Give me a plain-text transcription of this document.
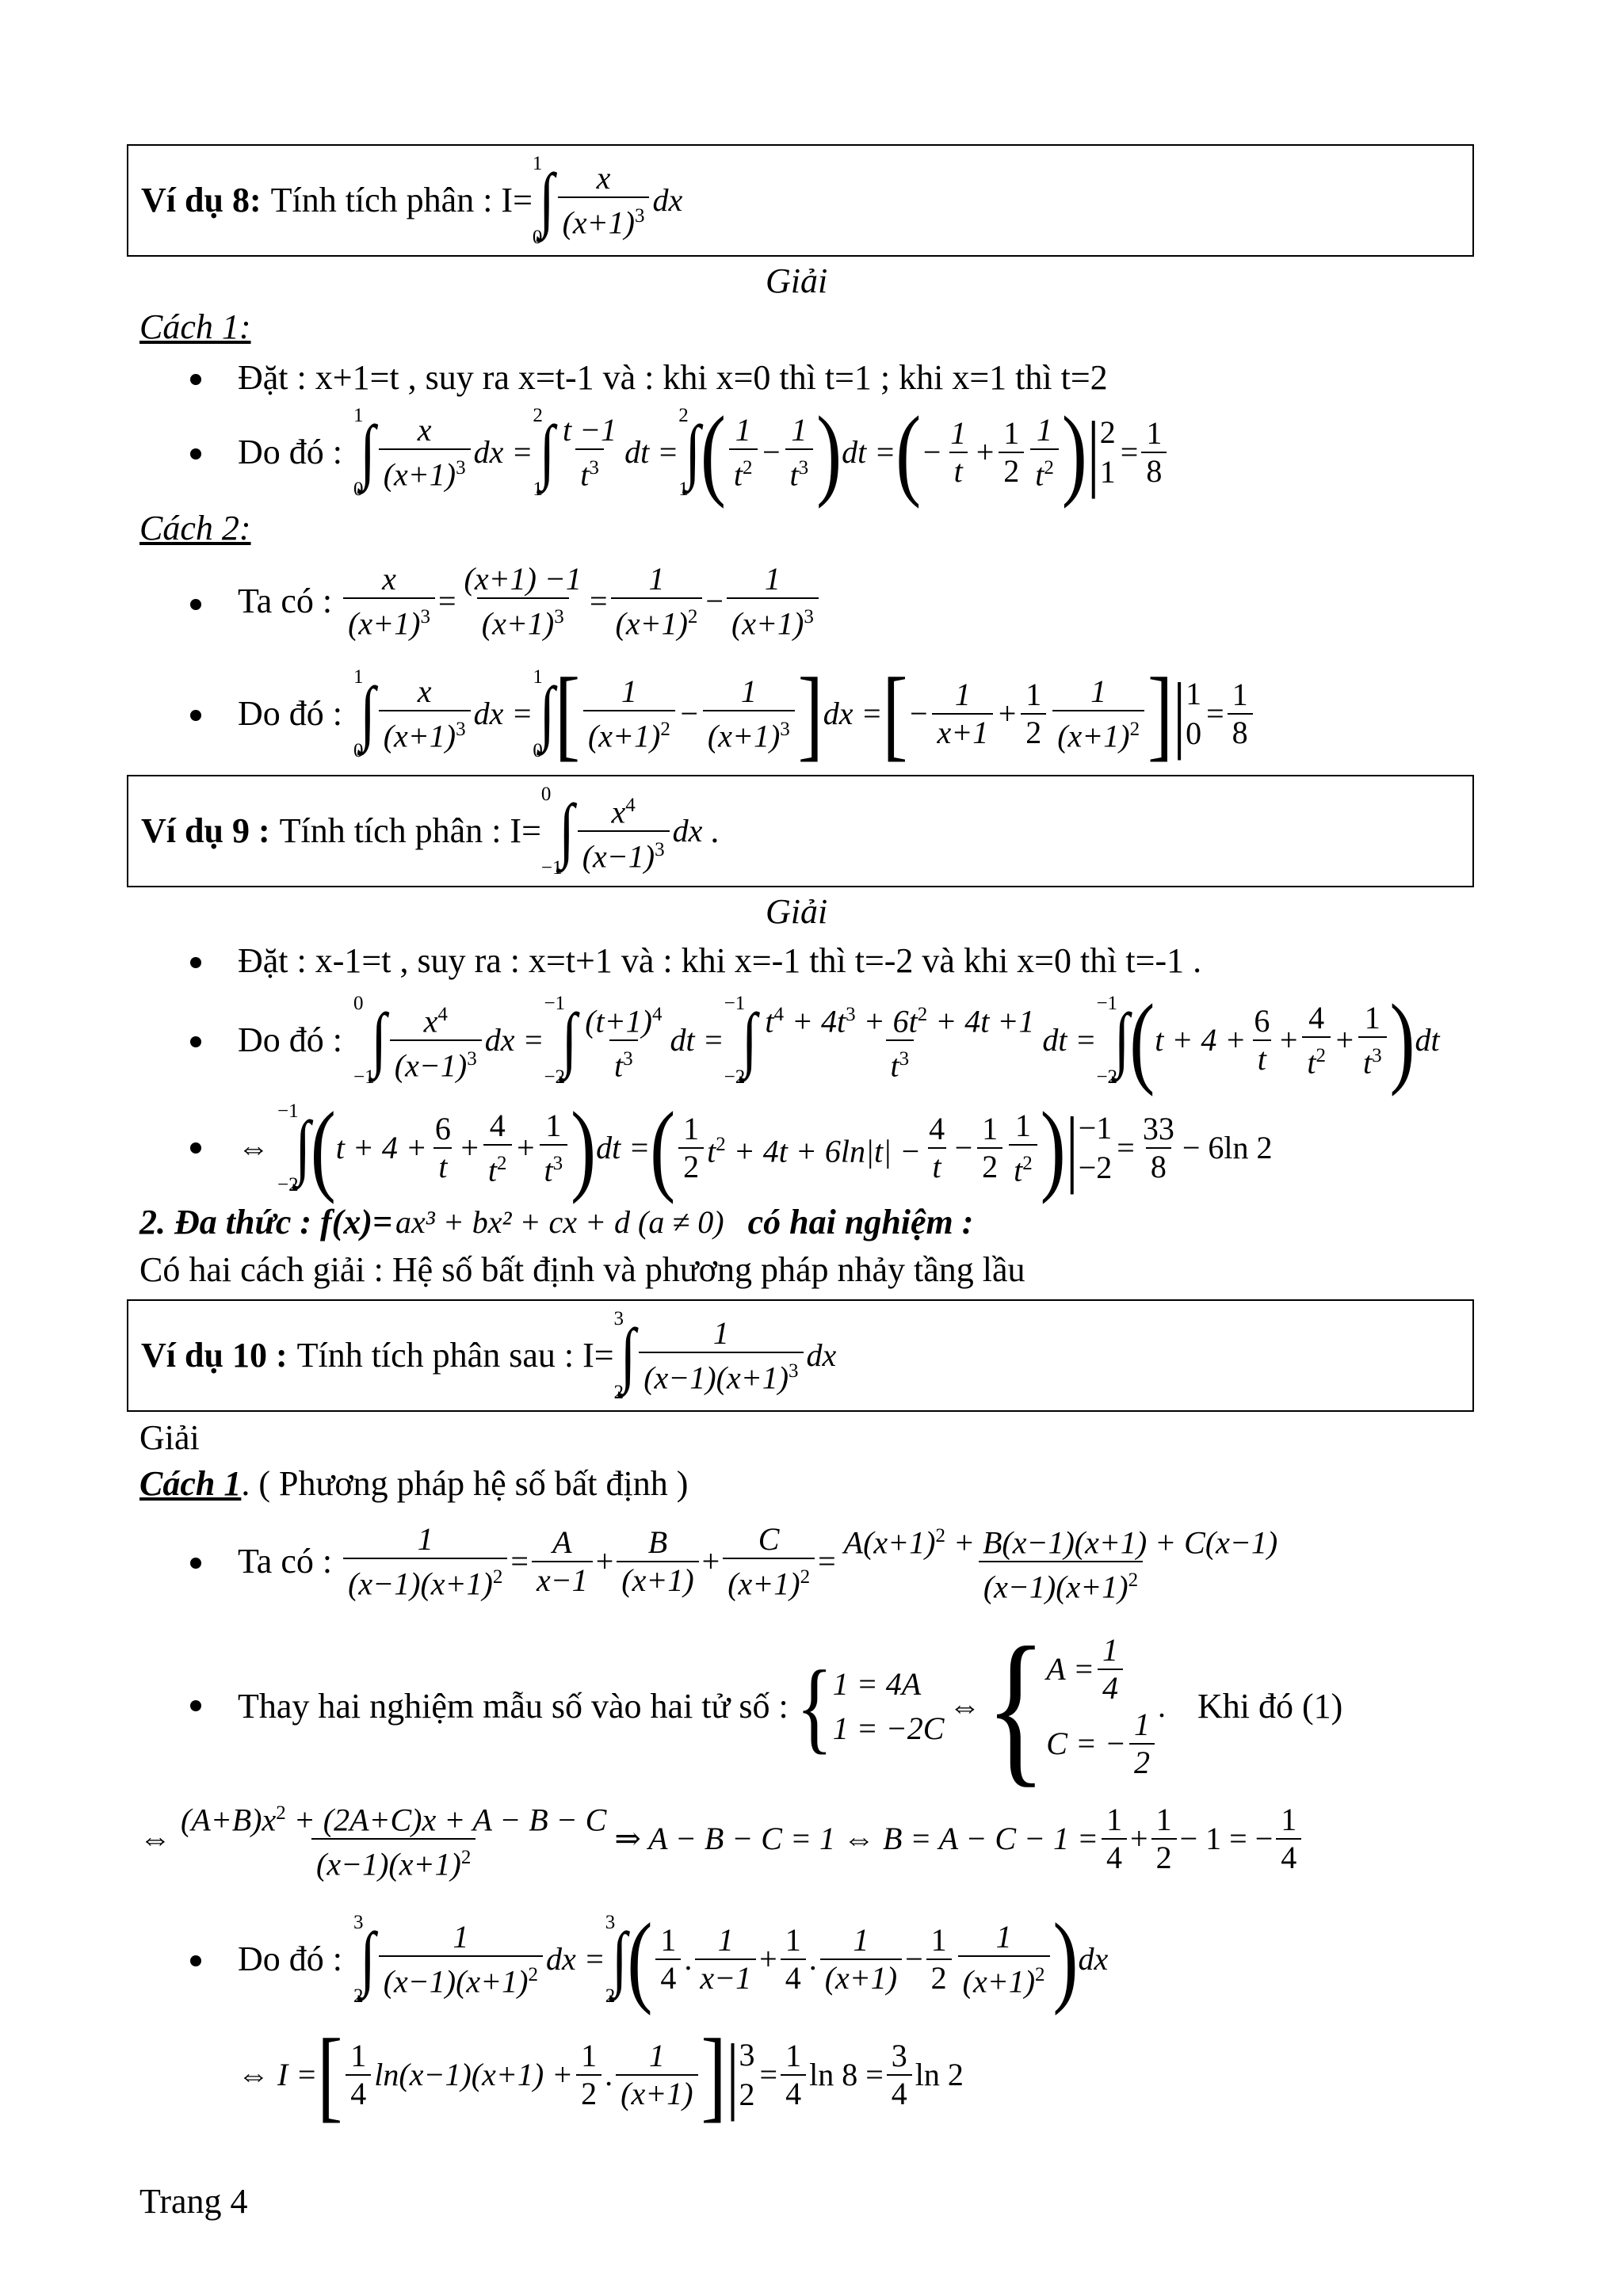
Ví dụ 8: Tính tích phân : I=
1
0
∫ $\frac{x}{(x+1)^3}$ dx
Giải
Cách 1:
Đặt : x+1=t , suy ra x=t-1 và : khi x=0 thì t=1 ; khi x=1 thì t=2
Do đó :
1
0
∫ $\frac{x}{(x+1)^3}$ dx =
2
1
∫ $\frac{t -1}{t^3}$ dt =
2
1
∫ ( $\frac{1}{t^2} - \frac{1}{t^3}$ ) dt = ( − $\frac{1}{t} + \frac{1}{2} \frac{1}{t^2}$ ) | 2
1
= $\frac{1}{8}$
Cách 2:
Ta có : $\frac{x}{(x+1)^3} = \frac{(x+1) -1}{(x+1)^3} = \frac{1}{(x+1)^2} - \frac{1}{(x+1)^3}$
Do đó :
1
0
∫ $\frac{x}{(x+1)^3}$ dx =
1
0
∫ [ $\frac{1}{(x+1)^2} - \frac{1}{(x+1)^3}$ ] dx = [ − $\frac{1}{x+1} + \frac{1}{2} \frac{1}{(x+1)^2}$ ] | 1
0
= $\frac{1}{8}$
Ví dụ 9 : Tính tích phân : I=
0
−1
∫ $\frac{x^4}{(x-1)^3}$ dx .
Giải
Đặt : x-1=t , suy ra : x=t+1 và : khi x=-1 thì t=-2 và khi x=0 thì t=-1 .
Do đó :
0
−1
∫ $\frac{x^4}{(x-1)^3}$ dx =
−1
−2
∫ $\frac{(t+1)^4}{t^3}$ dt =
−1
−2
∫ $\frac{t^4 + 4t^3 + 6t^2 + 4t +1}{t^3}$ dt =
−1
−2
∫ ( $t + 4 + \frac{6}{t} + \frac{4}{t^2} + \frac{1}{t^3}$ ) dt
⇔
−1
−2
∫ ( $t + 4 + \frac{6}{t} + \frac{4}{t^2} + \frac{1}{t^3}$ ) dt = ( $\frac{1}{2} t^2 + 4t + 6\ln|t| - \frac{4}{t} - \frac{1}{2} \frac{1}{t^2}$ ) | −1
−2
= $\frac{33}{8} - 6\ln$ 2
2. Đa thức : f(x)= ax³ + bx² + cx + d (a ≠ 0) có hai nghiệm :
Có hai cách giải : Hệ số bất định và phương pháp nhảy tầng lầu
Ví dụ 10 : Tính tích phân sau : I=
3
2
∫ $\frac{1}{(x-1)(x+1)^3}$ dx
Giải
Cách 1. ( Phương pháp hệ số bất định )
Ta có : $\frac{1}{(x-1)(x+1)^2} = \frac{A}{x-1} + \frac{B}{(x+1)} + \frac{C}{(x+1)^2} = \frac{A(x+1)^2 + B(x-1)(x+1) + C(x-1)}{(x-1)(x+1)^2}$
Thay hai nghiệm mẫu số vào hai tử số : { 1 = 4A
1 = −2C
⇔ { $A = \frac{1}{4}$
C = − $\frac{1}{2}$
. Khi đó (1)
⇔ $\frac{(A+B)x^2 + (2A+C)x + A - B - C}{(x-1)(x+1)^2}$ ⇒ A − B − C = 1 ⇔ $B = A - C - 1 = \frac{1}{4} + \frac{1}{2} - 1$ = − $\frac{1}{4}$
Do đó :
3
2
∫ $\frac{1}{(x-1)(x+1)^2}$ dx =
3
2
∫ ( $\frac{1}{4}$ . $\frac{1}{x-1} + \frac{1}{4}$ . $\frac{1}{(x+1)} - \frac{1}{2} \frac{1}{(x+1)^2}$ ) dx
⇔ I = [ $\frac{1}{4} \ln(x-1)(x+1) + \frac{1}{2}$ . $\frac{1}{(x+1)}$ ] | 3
2
= $\frac{1}{4}$ $\ln 8 = \frac{3}{4}$ ln 2
Trang 4
